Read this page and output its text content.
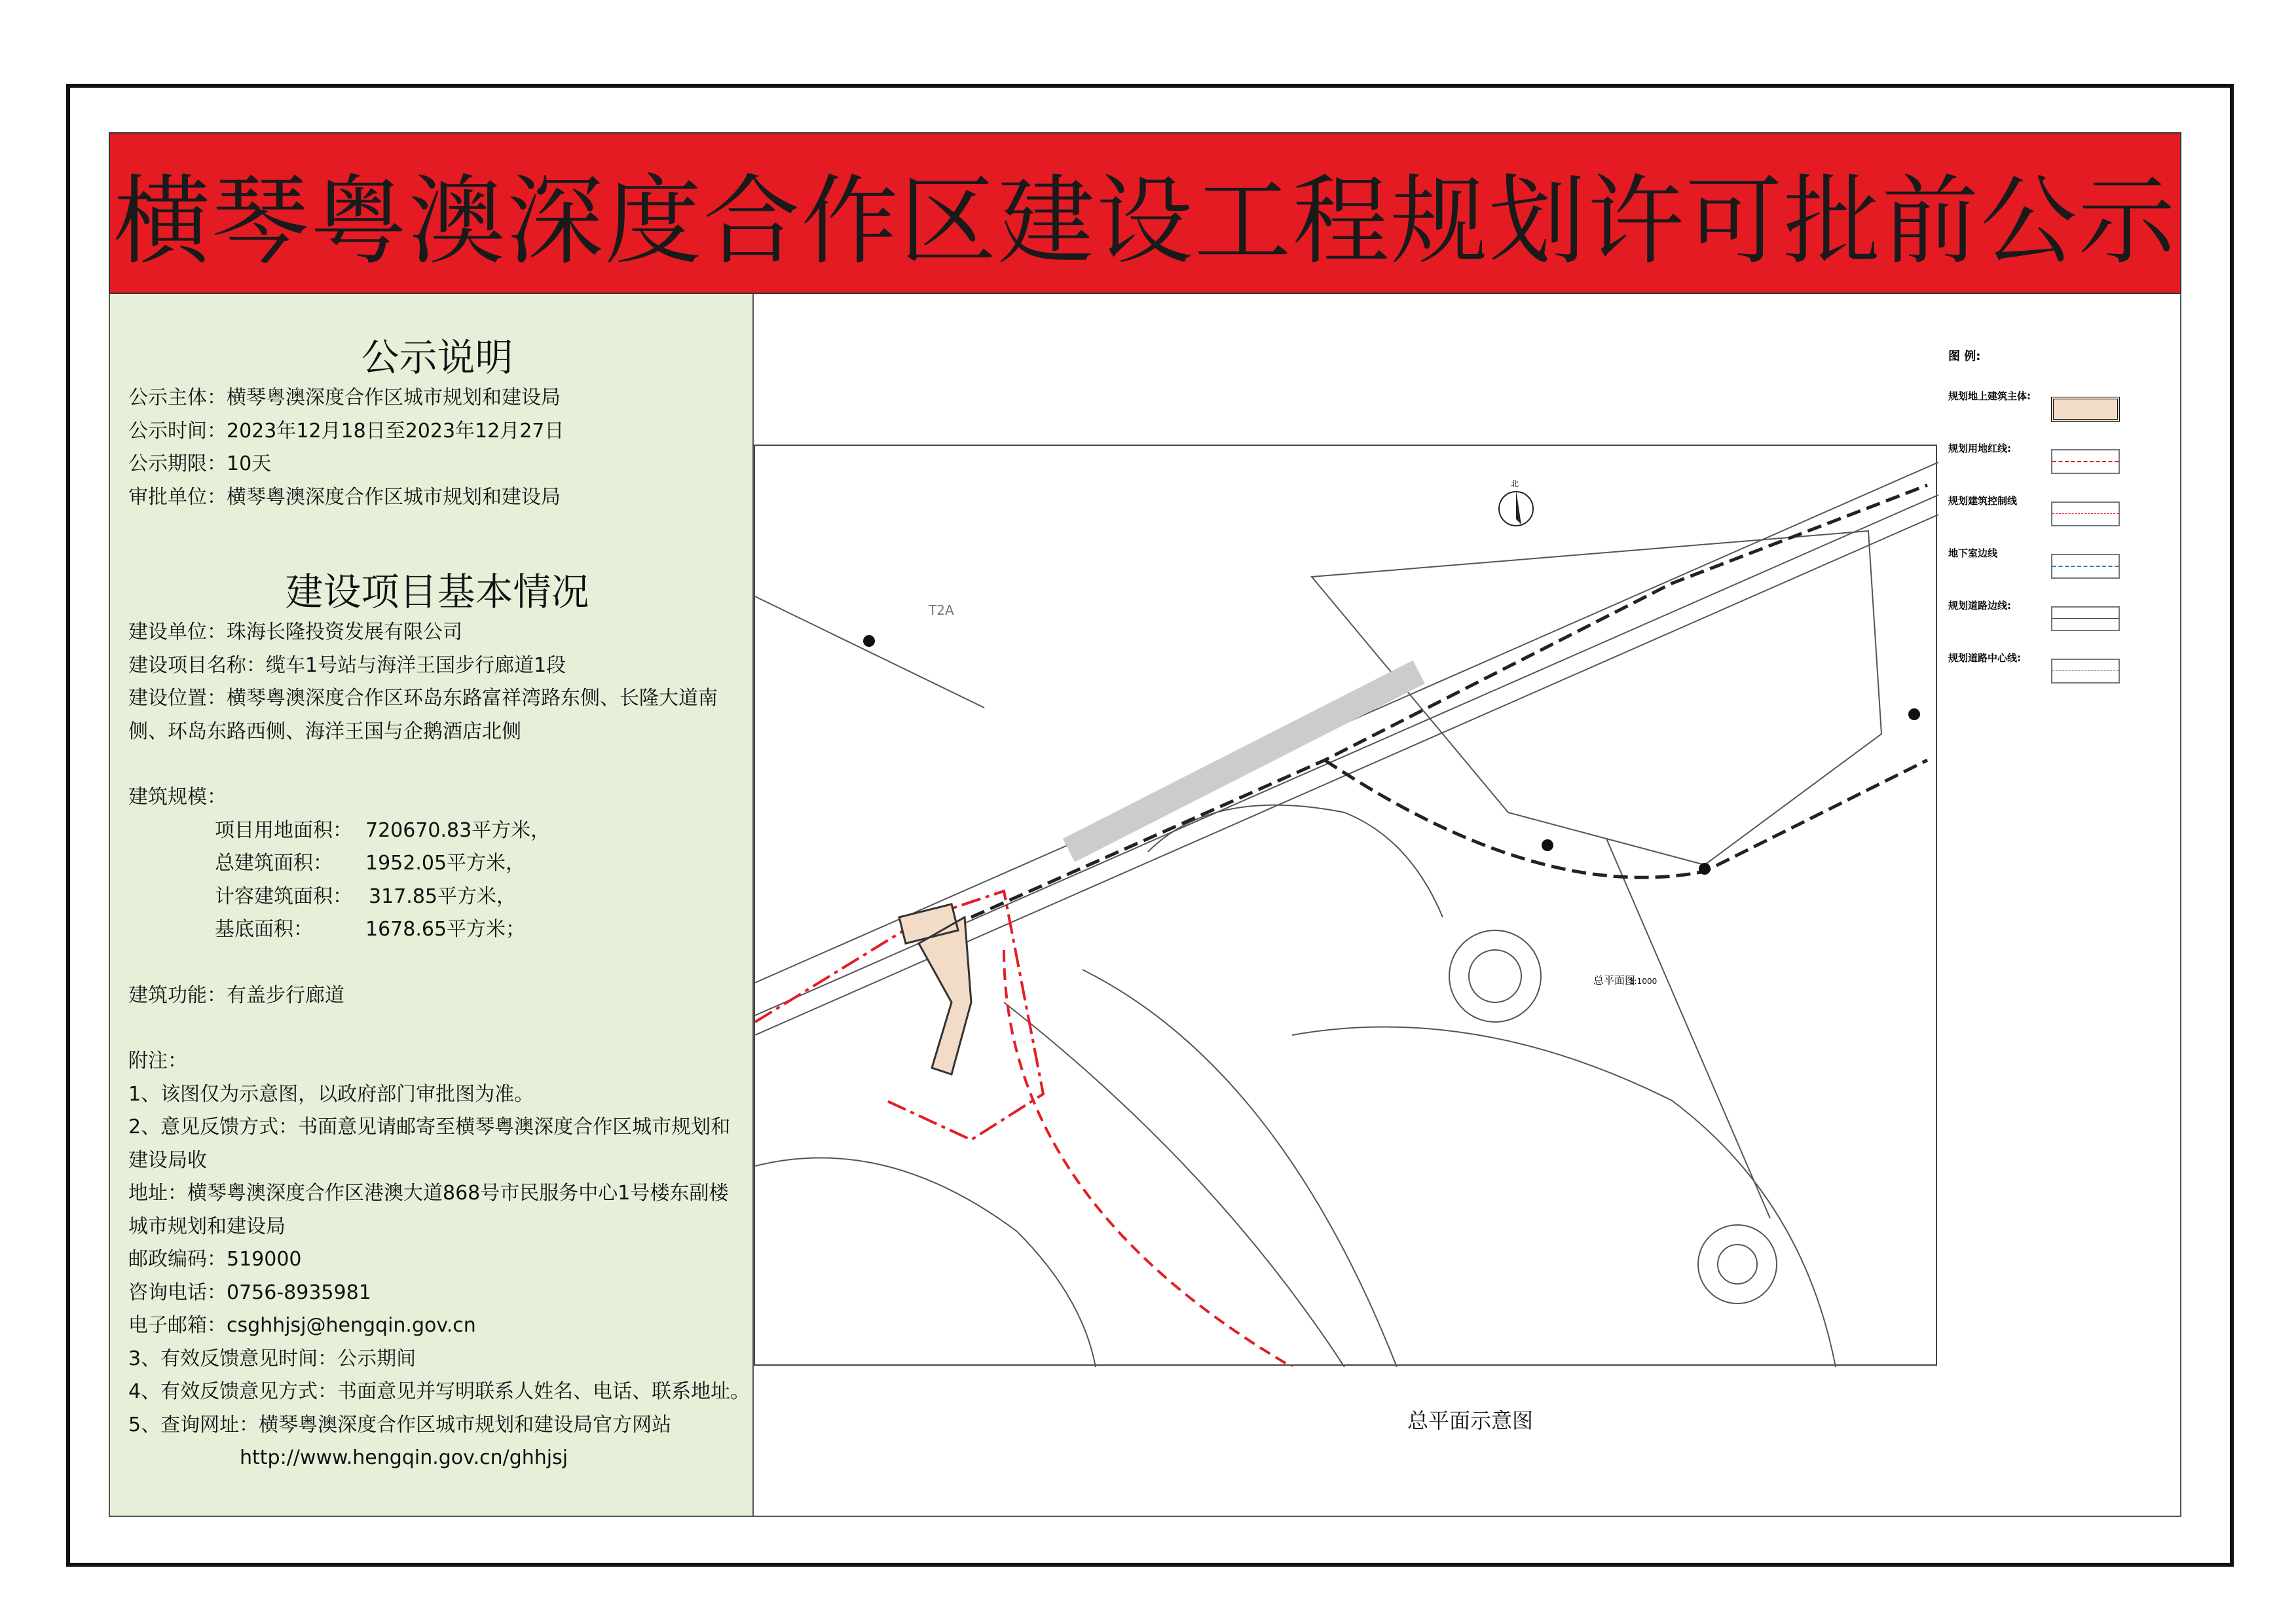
横琴粤澳深度合作区建设工程规划许可批前公示

公示说明

公示主体：横琴粤澳深度合作区城市规划和建设局
公示时间：2023年12月18日至2023年12月27日
公示期限：10天
审批单位：横琴粤澳深度合作区城市规划和建设局

建设项目基本情况

建设单位：珠海长隆投资发展有限公司
建设项目名称：缆车1号站与海洋王国步行廊道1段
建设位置：横琴粤澳深度合作区环岛东路富祥湾路东侧、长隆大道南侧、环岛东路西侧、海洋王国与企鹅酒店北侧
建筑规模：
项目用地面积： 720670.83平方米，
总建筑面积： 1952.05平方米，
计容建筑面积： 317.85平方米，
基底面积：	1678.65平方米；
建筑功能：有盖步行廊道
附注：
1、该图仅为示意图，以政府部门审批图为准。
2、意见反馈方式：书面意见请邮寄至横琴粤澳深度合作区城市规划和建设局收
地址：横琴粤澳深度合作区港澳大道868号市民服务中心1号楼东副楼城市规划和建设局
邮政编码：519000
咨询电话：0756-8935981
电子邮箱：csghhjsj@hengqin.gov.cn
3、有效反馈意见时间：公示期间
4、有效反馈意见方式：书面意见并写明联系人姓名、电话、联系地址。
5、查询网址：横琴粤澳深度合作区城市规划和建设局官方网站
http://www.hengqin.gov.cn/ghhjsj
T2A
北
总平面图
1:1000
图 例:
规划地上建筑主体:
规划用地红线:
规划建筑控制线
地下室边线
规划道路边线:
规划道路中心线:
总平面示意图
